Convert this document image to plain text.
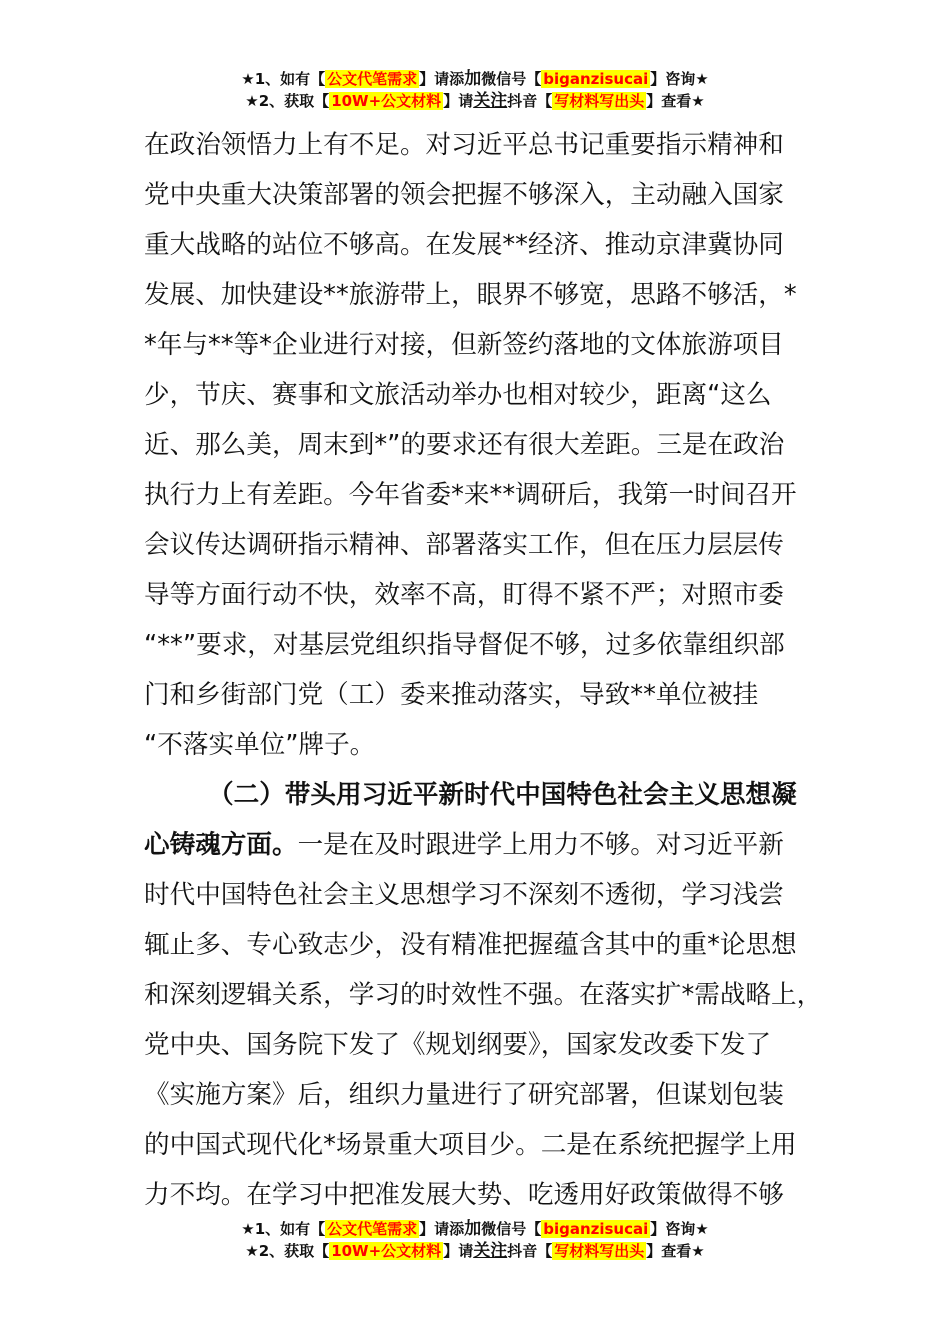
★1、如有【 公文代笔需求 】请添加微信号【 biganzisucai 】咨询★
★2、获取【 10W+公文材料 】请关注抖音【 写材料写出头 】查看★
在政治领悟力上有不足。对习近平总书记重要指示精神和
党中央重大决策部署的领会把握不够深入，主动融入国家
重大战略的站位不够高。在发展**经济、推动京津冀协同
发展、加快建设**旅游带上，眼界不够宽，思路不够活，*
*年与**等*企业进行对接，但新签约落地的文体旅游项目
少，节庆、赛事和文旅活动举办也相对较少，距离“这么
近、那么美，周末到*”的要求还有很大差距。三是在政治
执行力上有差距。今年省委*来**调研后，我第一时间召开
会议传达调研指示精神、部署落实工作，但在压力层层传
导等方面行动不快，效率不高，盯得不紧不严；对照市委
“**”要求，对基层党组织指导督促不够，过多依靠组织部
门和乡街部门党（工）委来推动落实，导致**单位被挂
“不落实单位”牌子。
（二）带头用习近平新时代中国特色社会主义思想凝
心铸魂方面。一是在及时跟进学上用力不够。对习近平新
时代中国特色社会主义思想学习不深刻不透彻，学习浅尝
辄止多、专心致志少，没有精准把握蕴含其中的重*论思想
和深刻逻辑关系，学习的时效性不强。在落实扩*需战略上，
党中央、国务院下发了《规划纲要》，国家发改委下发了
《实施方案》后，组织力量进行了研究部署，但谋划包装
的中国式现代化*场景重大项目少。二是在系统把握学上用
力不均。在学习中把准发展大势、吃透用好政策做得不够
★1、如有【 公文代笔需求 】请添加微信号【 biganzisucai 】咨询★
★2、获取【 10W+公文材料 】请关注抖音【 写材料写出头 】查看★
